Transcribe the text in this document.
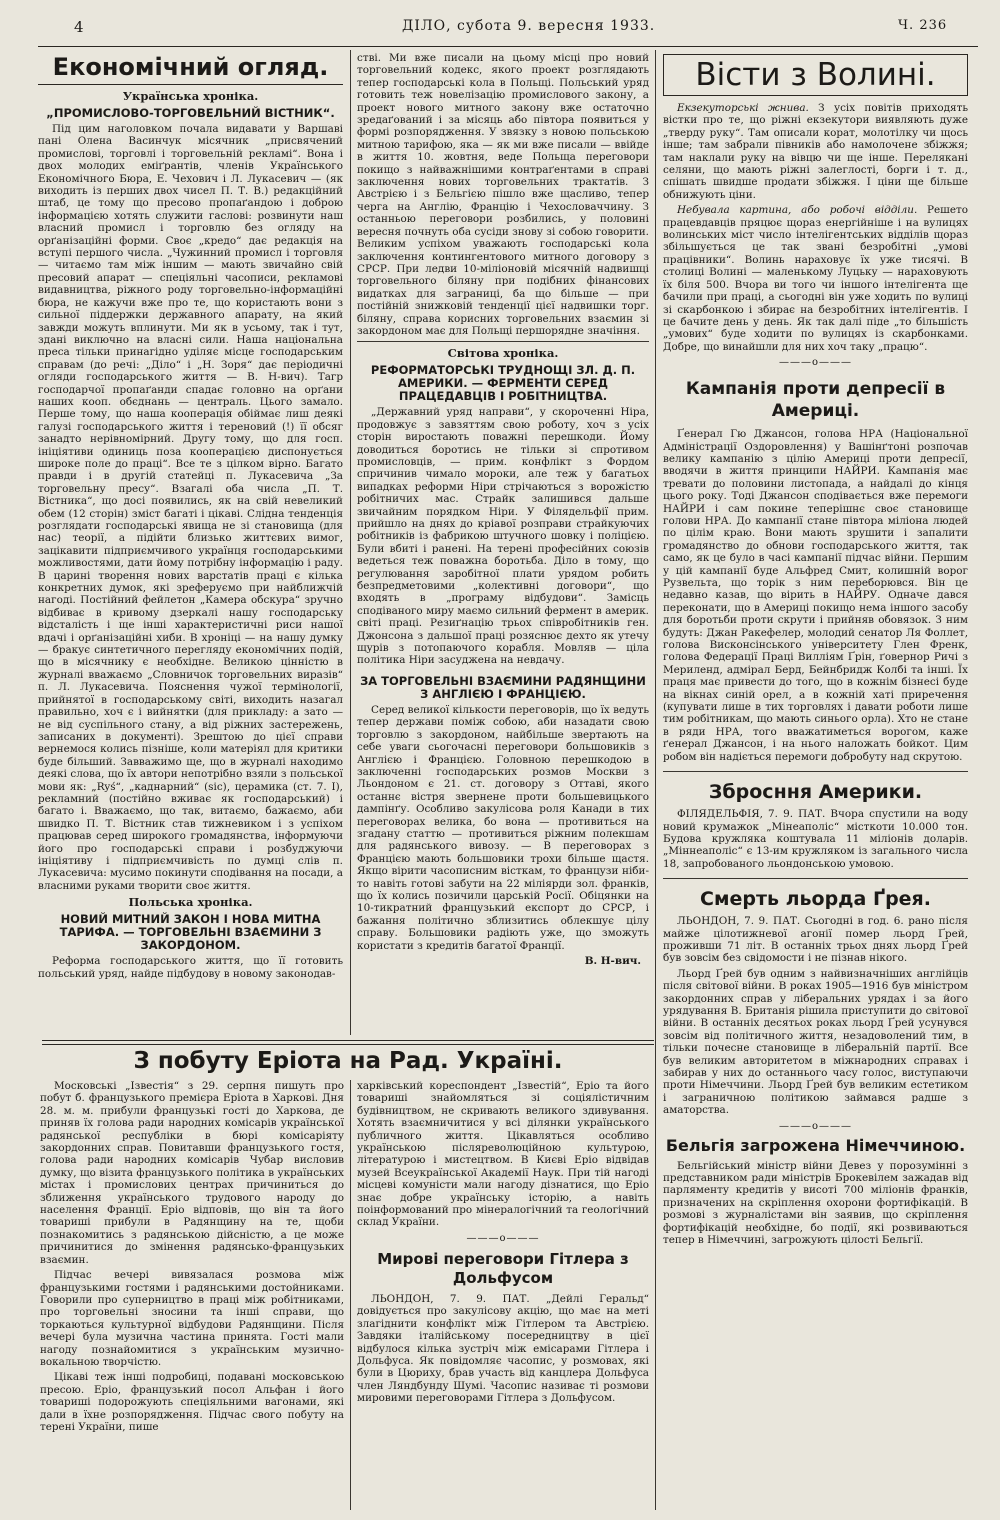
4	ДІЛО, субота 9. вересня 1933.	Ч. 236
Економічний огляд.
Українська хроніка.
„ПРОМИСЛОВО-ТОРГОВЕЛЬНИЙ ВІСТНИК“.

Під цим наголовком почала видавати у Варшаві пані Олена Васинчук місячник „присвячений промислові, торговлі і торговельній рекламі“. Вона і двох молодих еміґрантів, членів Українського Економічного Бюра, Е. Чехович і Л. Лукасевич — (як виходить із перших двох чисел П. Т. В.) редакційний штаб, це тому що пресово пропаґандою і доброю інформацією хотять служити гаслові: розвинути наш власний промисл і торговлю без огляду на орґанізаційні форми. Своє „кредо“ дає редакція на вступі першого числа. „Чужинний промисл і торговля — читаємо там між іншим — мають звичайно свій пресовий апарат — спеціяльні часописи, рекламові видавництва, ріжного роду торговельно-інформаційні бюра, не кажучи вже про те, що користають вони з сильної піддержки державного апарату, на який завжди можуть вплинути. Ми як в усьому, так і тут, здані виключно на власні сили. Наша національна преса тільки принагідно уділяє місце господарським справам (до речі: „Діло“ і „Н. Зоря“ дає періодичні огляди господарського життя — В. Н-вич). Тагр господарчої пропаґанди спадає головно на орґани наших кооп. обєднань — централь. Цього замало. Перше тому, що наша кооперація обіймає лиш деякі галузі господарського життя і тереновий (!) її обсяг занадто нерівномірний. Другу тому, що для госп. ініціятиви одиниць поза кооперацією диспонується широке поле до праці“. Все те з цілком вірно. Багато правди і в другій статейці п. Лукасевича „За торговельну пресу“. Взагалі оба числа „П. Т. Вістника“, що досі появились, як на свій невеликий обем (12 сторін) зміст багаті і цікаві. Слідна тенденція розглядати господарські явища не зі становища (для нас) теорії, а підійти близько життєвих вимог, зацікавити підприємчивого українця господарськими можливостями, дати йому потрібну інформацію і раду. В царині творення нових варстатів праці є кілька конкретних думок, які зреферуємо при найближчій нагоді. Постійний фейлетон „Камера обскура“ зручно відбиває в кривому дзеркалі нашу господарську відсталість і ще інші характеристичні риси нашої вдачі і орґанізаційні хиби. В хроніці — на нашу думку — бракує синтетичного перегляду економічних подій, що в місячнику є необхідне. Великою цінністю в журналі вважаємо „Словничок торговельних виразів“ п. Л. Лукасевича. Пояснення чужої термінології, прийнятої в господарському світі, виходить назагал правильно, хоч є і вийнятки (для прикладу: а зато — не від суспільного стану, а від ріжних застережень, записаних в документі). Зрештою до цієї справи вернемося колись пізніше, коли матеріял для критики буде більший. Завважимо ще, що в журналі находимо деякі слова, що їх автори непотрібно взяли з польської мови як: „Ryś“, „каднарний“ (sic), церамика (ст. 7. I), рекламний (постійно вживає як господарський) і багато і. Вважаємо, що так, витаємо, бажаємо, аби швидко П. Т. Вістник став тижневиком і з успіхом працював серед широкого громадянства, інформуючи його про господарські справи і розбуджуючи ініціятиву і підприємчивість по думці слів п. Лукасевича: мусимо покинути сподівання на посади, а власними руками творити своє життя.

Польська хроніка.
НОВИЙ МИТНИЙ ЗАКОН І НОВА МИТНА ТАРИФА. — ТОРГОВЕЛЬНІ ВЗАЄМИНИ З ЗАКОРДОНОМ.

Реформа господарського життя, що її готовить польський уряд, найде підбудову в новому законодав-

стві. Ми вже писали на цьому місці про новий торговельний кодекс, якого проект розглядають тепер господарські кола в Польщі. Польський уряд готовить теж новелізацію промислового закону, а проект нового митного закону вже остаточно зредаґований і за місяць або півтора появиться у формі розпорядження. У звязку з новою польською митною тарифою, яка — як ми вже писали — ввійде в життя 10. жовтня, веде Польща переговори покищо з найважнішими контраґентами в справі заключення нових торговельних трактатів. З Австрією і з Бельгією пішло вже щасливо, тепер черга на Англію, Францію і Чехословаччину. З останньою переговори розбились, у половині вересня почнуть оба сусіди знову зі собою говорити. Великим успіхом уважають господарські кола заключення контингентового митного договору з СРСР. При ледви 10-міліоновій місячній надвишці торговельного біляну при подібних фінансових видатках для заграниці, ба що більше — при постійній знижковій тенденції цієї надвишки торг. біляну, справа корисних торговельних взаємин зі закордоном має для Польщі першорядне значіння.

Світова хроніка.
РЕФОРМАТОРСЬКІ ТРУДНОЩІ ЗЛ. Д. П. АМЕРИКИ. — ФЕРМЕНТИ СЕРЕД ПРАЦЕДАВЦІВ І РОБІТНИЦТВА.

„Державний уряд направи“, у скороченні Нірa, продовжує з завзяттям свою роботу, хоч з усіх сторін виростають поважні перешкоди. Йому доводиться боротись не тільки зі спротивом промисловців, — прим. конфлікт з Фордом спричинив чимало мороки, але теж у багатьох випадках реформи Ніри стрічаються з ворожістю робітничих мас. Страйк залишився дальше звичайним порядком Ніри. У Філядельфії прим. прийшло на днях до кріавої розправи страйкуючих робітників із фабрикою штучного шовку і поліцією. Були вбиті і ранені. На терені професійних союзів ведеться теж поважна боротьба. Діло в тому, що регулювання заробітної плати урядом робить безпредметовими „колективні договори“, що входять в „програму відбудови“. Замісць сподіваного миру маємо сильний фермент в америк. світі праці. Резиґнацію трьох співробітників ген. Джонсона з дальшої праці розяснює дехто як утечу щурів з потопаючого корабля. Мовляв — ціла політика Ніри засуджена на невдачу.

ЗА ТОРГОВЕЛЬНІ ВЗАЄМИНИ РАДЯНЩИНИ З АНГЛІЄЮ І ФРАНЦІЄЮ.

Серед великої кількости переговорів, що їх ведуть тепер держави поміж собою, аби назадати свою торговлю з закордоном, найбільше звертають на себе уваги сьогочасні переговори большовиків з Англією і Францією. Головною перешкодою в заключенні господарських розмов Москви з Льондоном є 21. ст. договору з Оттаві, якого останнє вістря звернене проти большевицького дампінґу. Особливо закулісова роля Канади в тих переговорах велика, бо вона — противиться на згадану статтю — противиться ріжним полекшам для радянського вивозу. — В переговорах з Францією мають большовики трохи більше щастя. Якщо вірити часописним вісткам, то французи ніби-то навіть готові забути на 22 міліярди зол. франків, що їх колись позичили царській Росії. Обіцянки на 10-тикратний французький експорт до СРСР, і бажання політично зблизитись облекшує цілу справу. Большовики радіють уже, що зможуть користати з кредитів багатої Франції.

В. Н-вич.
Вісти з Волині.

Екзекуторські жнива. З усіх повітів приходять вістки про те, що ріжні екзекутори виявляють дуже „тверду руку“. Там описали корат, молотілку чи щось іншe; там забрали півників або намолочене збіжжя; там наклали руку на вівцю чи ще інше. Переляканi селяни, що мають ріжні залеглості, борги і т. д., спішать швидше продати збіжжя. І ціни ще більше обнижують ціни.

Небувала картина, або робочі відділи. Решето працевдавців пряцює щораз енергійніше і на вулицях волинських міст число інтелігентських відділів щораз збільшується це так звані безробітні „умові працівники“. Волинь нараховує їх уже тисячі. В столиці Волині — маленькому Луцьку — нараховують їх біля 500. Вчора ви того чи іншого інтелігента ще бачили при праці, а сьогодні він уже ходить по вулиці зі скарбонкою і збирає на безробітних інтелігентів. І це бачите день у день. Як так далі піде „то більшість „умових“ буде ходити по вулицях із скарбонками. Добре, що винайшли для них хоч таку „працю“.

———о———
Кампанія проти депресії в Америці.

Ґенерал Гю Джансон, голова НРА (Національної Адміністрації Оздоровлення) у Вашінґтоні розпочав велику кампанію з цілію Америці проти депресії, вводячи в життя принципи НАЙРИ. Кампанія має тревати до половини листопада, а найдалі до кінця цього року. Тоді Джансон сподівається вже перемоги НАЙРИ і сам покине теперішнє своє становище голови НРА. До кампанії стане півтора міліона людей по цілім краю. Вони мають зрушити і запалити громадянство до обнови господарського життя, так само, як це було в часі кампанії підчас війни. Першим у цій кампанії буде Альфред Смит, колишній ворог Рузвельта, що торік з ним переборювся. Він це недавно казав, що вірить в НАЙРУ. Одначе дався переконати, що в Америці покищо нема іншого засобу для боротьби проти скрути і прийняв обовязок. З ним будуть: Джан Ракефелер, молодий сенатор Ля Фоллет, голова Висконсінського університету Глен Френк, голова Федерації Праці Вилліям Ґрін, ґовернор Ричі з Мериленд, адмірал Берд, Бейнбридж Колбі та інші. Їх праця має привести до того, що в кожнім бізнесі буде на вікнах синій орел, а в кожній хаті приречення (купувати лише в тих торговлях і давати роботи лише тим робітникам, що мають синього орла). Хто не стане в ряди НРА, того вважатиметься ворогом, каже ґенерал Джансон, і на нього наложать бойкот. Цим робом він надіється перемоги добробуту над скрутою.

Збросння Америки.

ФІЛЯДЕЛЬФІЯ, 7. 9. ПАТ. Вчора спустили на воду новий крумажок „Мінеаполіс“ місткоти 10.000 тон. Будова кружляка коштувала 11 міліонів доларів. „Міннеаполіс“ є 13-им кружляком із загального числа 18, запробованого льондонською умовою.

Смерть льорда Ґрея.

ЛЬОНДОН, 7. 9. ПАТ. Сьогодні в год. 6. рано після майже цілотижневої агонії помер льорд Ґрей, проживши 71 літ. В останніх трьох днях льорд Ґрей був зовсім без свідомости і не пізнав нікого.

Льорд Ґрей був одним з найвизначніших англійців після світової війни. В роках 1905—1916 був міністром закордонних справ у ліберальних урядах і за його урядування В. Британія рішила приступити до світової війни. В останніх десятьох роках льорд Ґрей усунувся зовсім від політичного життя, незадоволений тим, в тільки почесне становище в ліберальній партії. Все був великим авторитетом в міжнародних справах і забирав у них до останнього часу голос, виступаючи проти Німеччини. Льорд Ґрей був великим естетиком і заграничною політикою займався радше з аматорства.

———о———
Бельгія загрожена Німеччиною.

Бельгійський міністр війни Девез у порозумінні з представником ради міністрів Брокевілем зажадав від парляменту кредитів у висоті 700 міліонів франків, призначених на скріплення охорони фортифікацій. В розмові з журналістами він заявив, що скріплення фортифікацій необхідне, бо події, які розвиваються тепер в Німеччині, загрожують цілості Бельгії.

З побуту Еріота на Рад. Україні.

Московські „Ізвестія“ з 29. серпня пишуть про побут б. французького премієра Еріота в Харкові. Дня 28. м. м. прибули французькі гості до Харкова, де приняв їх голова ради народних комісарів української радянської республіки в бюрі комісаріяту закордонних справ. Повитавши французького гостя, голова ради народних комісарів Чубар висловив думку, що візита французького політика в українських містах і промислових центрах причиниться до зближення українського трудового народу до населення Франції. Еріо відповів, що він та його товариші прибули в Радянщину на те, щоби познакомитись з радянською дійсністю, а це може причинитися до змінення радянсько-французьких взаємин.

Підчас вечері вивязалася розмова між французькими гостями і радянськими достойниками. Говорили про суперництво в праці між робітниками, про торговельні зносини та інші справи, що торкаються культурної відбудови Радянщини. Після вечері була музична частина принята. Гості мали нагоду познайомитися з українським музично-вокальною творчістю.

Цікаві теж інші подробиці, подавані московською пресою. Еріо, французький посол Альфан і його товариші подорожують спеціяльними вагонами, які дали в їхне розпорядження. Підчас свого побуту на терені України, пише

харківський кореспондент „Ізвестій“, Еріо та його товариші знайомляться зі соціялістичним будівництвом, не скривають великого здивування. Хотять взаємничитися у всі ділянки українського публичного життя. Цікавляться особливо українською післяреволюційною культурою, літературою і мистецтвом. В Києві Еріо відвідав музей Всеукраїнської Академії Наук. При тій нагоді місцеві комуністи мали нагоду дізнатися, що Еріо знає добре українську історію, а навіть поінформований про мінералогічний та геологічний склад України.

———о———
Мирові переговори Гітлера з Дольфусом

ЛЬОНДОН, 7. 9. ПАТ. „Дейлі Геральд“ довідується про закулісову акцію, що має на меті злагіднити конфлікт між Гітлером та Австрією. Завдяки італійському посередництву в цієї відбулося кілька зустріч між емісарами Гітлера і Дольфуса. Як повідомляє часопис, у розмовах, які були в Цюриху, брав участь від канцлера Дольфуса член Ляндбунду Шумі. Часопис називає ті розмови мировими переговорами Гітлера з Дольфусом.
